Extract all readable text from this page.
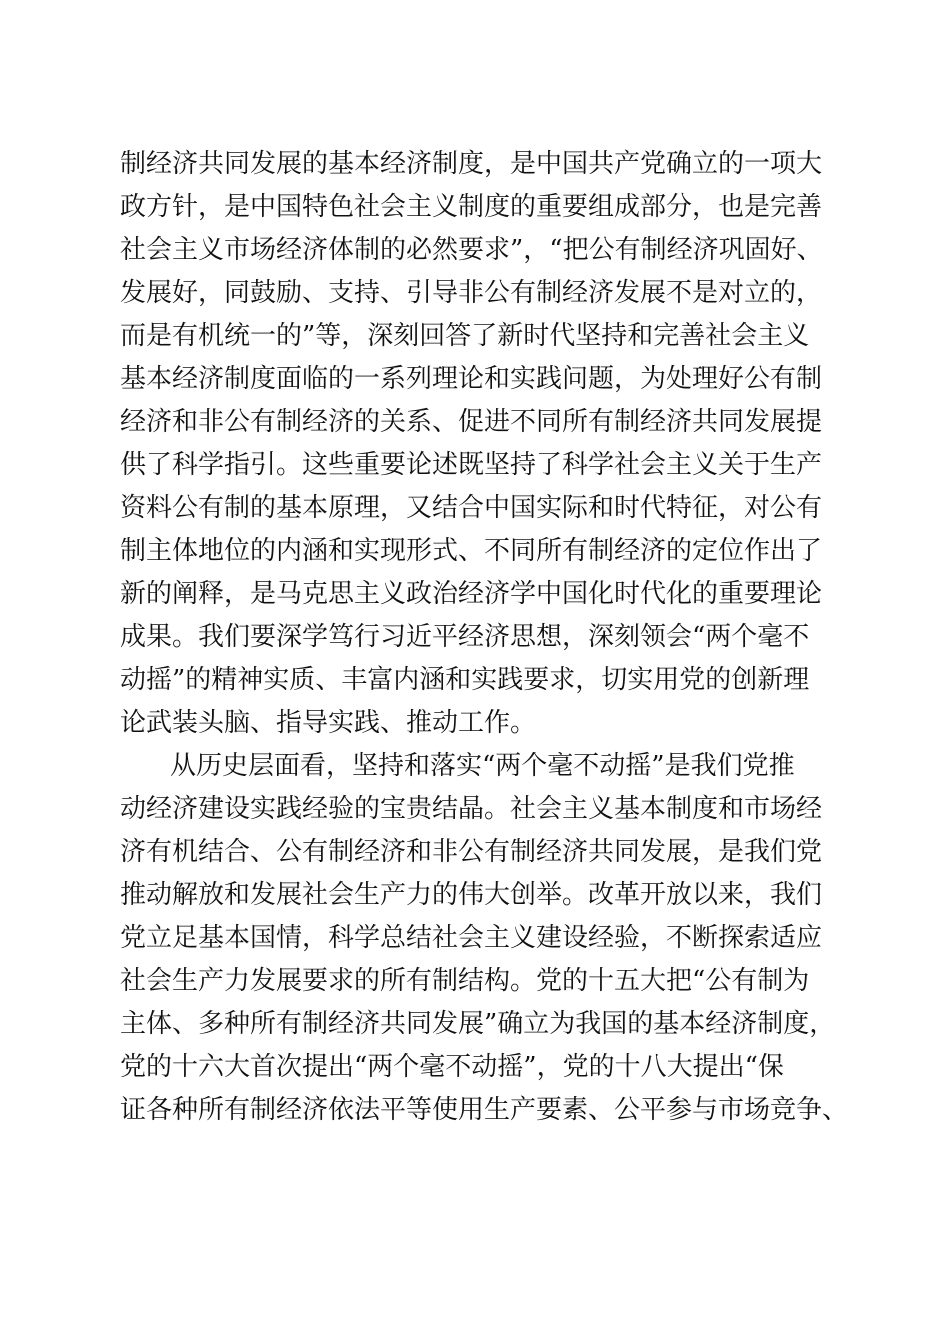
制经济共同发展的基本经济制度，是中国共产党确立的一项大
政方针，是中国特色社会主义制度的重要组成部分，也是完善
社会主义市场经济体制的必然要求”，“把公有制经济巩固好、
发展好，同鼓励、支持、引导非公有制经济发展不是对立的，
而是有机统一的”等，深刻回答了新时代坚持和完善社会主义
基本经济制度面临的一系列理论和实践问题，为处理好公有制
经济和非公有制经济的关系、促进不同所有制经济共同发展提
供了科学指引。这些重要论述既坚持了科学社会主义关于生产
资料公有制的基本原理，又结合中国实际和时代特征，对公有
制主体地位的内涵和实现形式、不同所有制经济的定位作出了
新的阐释，是马克思主义政治经济学中国化时代化的重要理论
成果。我们要深学笃行习近平经济思想，深刻领会“两个毫不
动摇”的精神实质、丰富内涵和实践要求，切实用党的创新理
论武装头脑、指导实践、推动工作。
从历史层面看，坚持和落实“两个毫不动摇”是我们党推
动经济建设实践经验的宝贵结晶。社会主义基本制度和市场经
济有机结合、公有制经济和非公有制经济共同发展，是我们党
推动解放和发展社会生产力的伟大创举。改革开放以来，我们
党立足基本国情，科学总结社会主义建设经验，不断探索适应
社会生产力发展要求的所有制结构。党的十五大把“公有制为
主体、多种所有制经济共同发展”确立为我国的基本经济制度，
党的十六大首次提出“两个毫不动摇”，党的十八大提出“保
证各种所有制经济依法平等使用生产要素、公平参与市场竞争、
